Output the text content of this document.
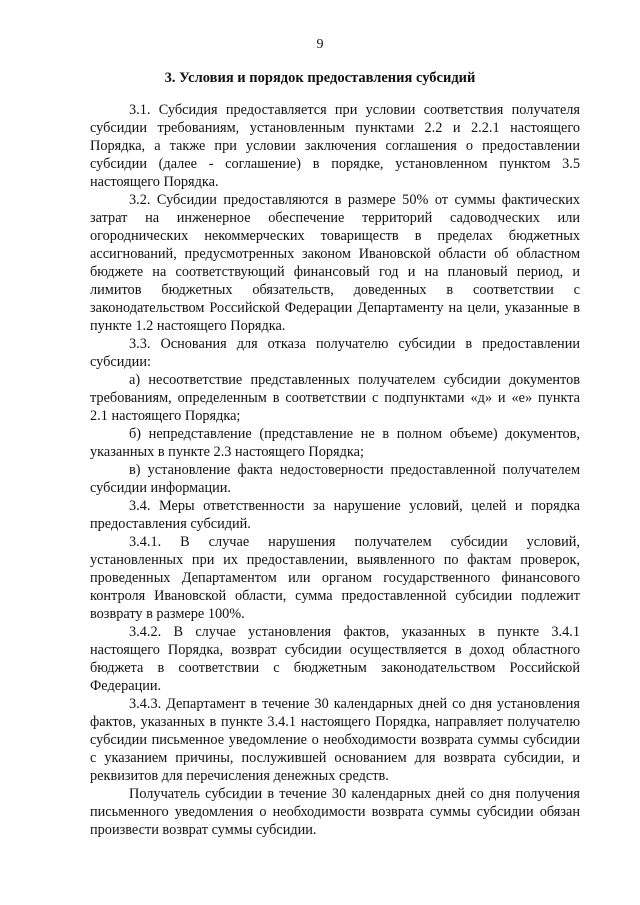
9
3. Условия и порядок предоставления субсидий

3.1. Субсидия предоставляется при условии соответствия получателя субсидии требованиям, установленным пунктами 2.2 и 2.2.1 настоящего Порядка, а также при условии заключения соглашения о предоставлении субсидии (далее - соглашение) в порядке, установленном пунктом 3.5 настоящего Порядка.

3.2. Субсидии предоставляются в размере 50% от суммы фактических затрат на инженерное обеспечение территорий садоводческих или огороднических некоммерческих товариществ в пределах бюджетных ассигнований, предусмотренных законом Ивановской области об областном бюджете на соответствующий финансовый год и на плановый период, и лимитов бюджетных обязательств, доведенных в соответствии с законодательством Российской Федерации Департаменту на цели, указанные в пункте 1.2 настоящего Порядка.

3.3. Основания для отказа получателю субсидии в предоставлении субсидии:

а) несоответствие представленных получателем субсидии документов требованиям, определенным в соответствии с подпунктами «д» и «е» пункта 2.1 настоящего Порядка;

б) непредставление (представление не в полном объеме) документов, указанных в пункте 2.3 настоящего Порядка;

в) установление факта недостоверности предоставленной получателем субсидии информации.

3.4. Меры ответственности за нарушение условий, целей и порядка предоставления субсидий.

3.4.1. В случае нарушения получателем субсидии условий, установленных при их предоставлении, выявленного по фактам проверок, проведенных Департаментом или органом государственного финансового контроля Ивановской области, сумма предоставленной субсидии подлежит возврату в размере 100%.

3.4.2. В случае установления фактов, указанных в пункте 3.4.1 настоящего Порядка, возврат субсидии осуществляется в доход областного бюджета в соответствии с бюджетным законодательством Российской Федерации.

3.4.3. Департамент в течение 30 календарных дней со дня установления фактов, указанных в пункте 3.4.1 настоящего Порядка, направляет получателю субсидии письменное уведомление о необходимости возврата суммы субсидии с указанием причины, послужившей основанием для возврата субсидии, и реквизитов для перечисления денежных средств.

Получатель субсидии в течение 30 календарных дней со дня получения письменного уведомления о необходимости возврата суммы субсидии обязан произвести возврат суммы субсидии.
